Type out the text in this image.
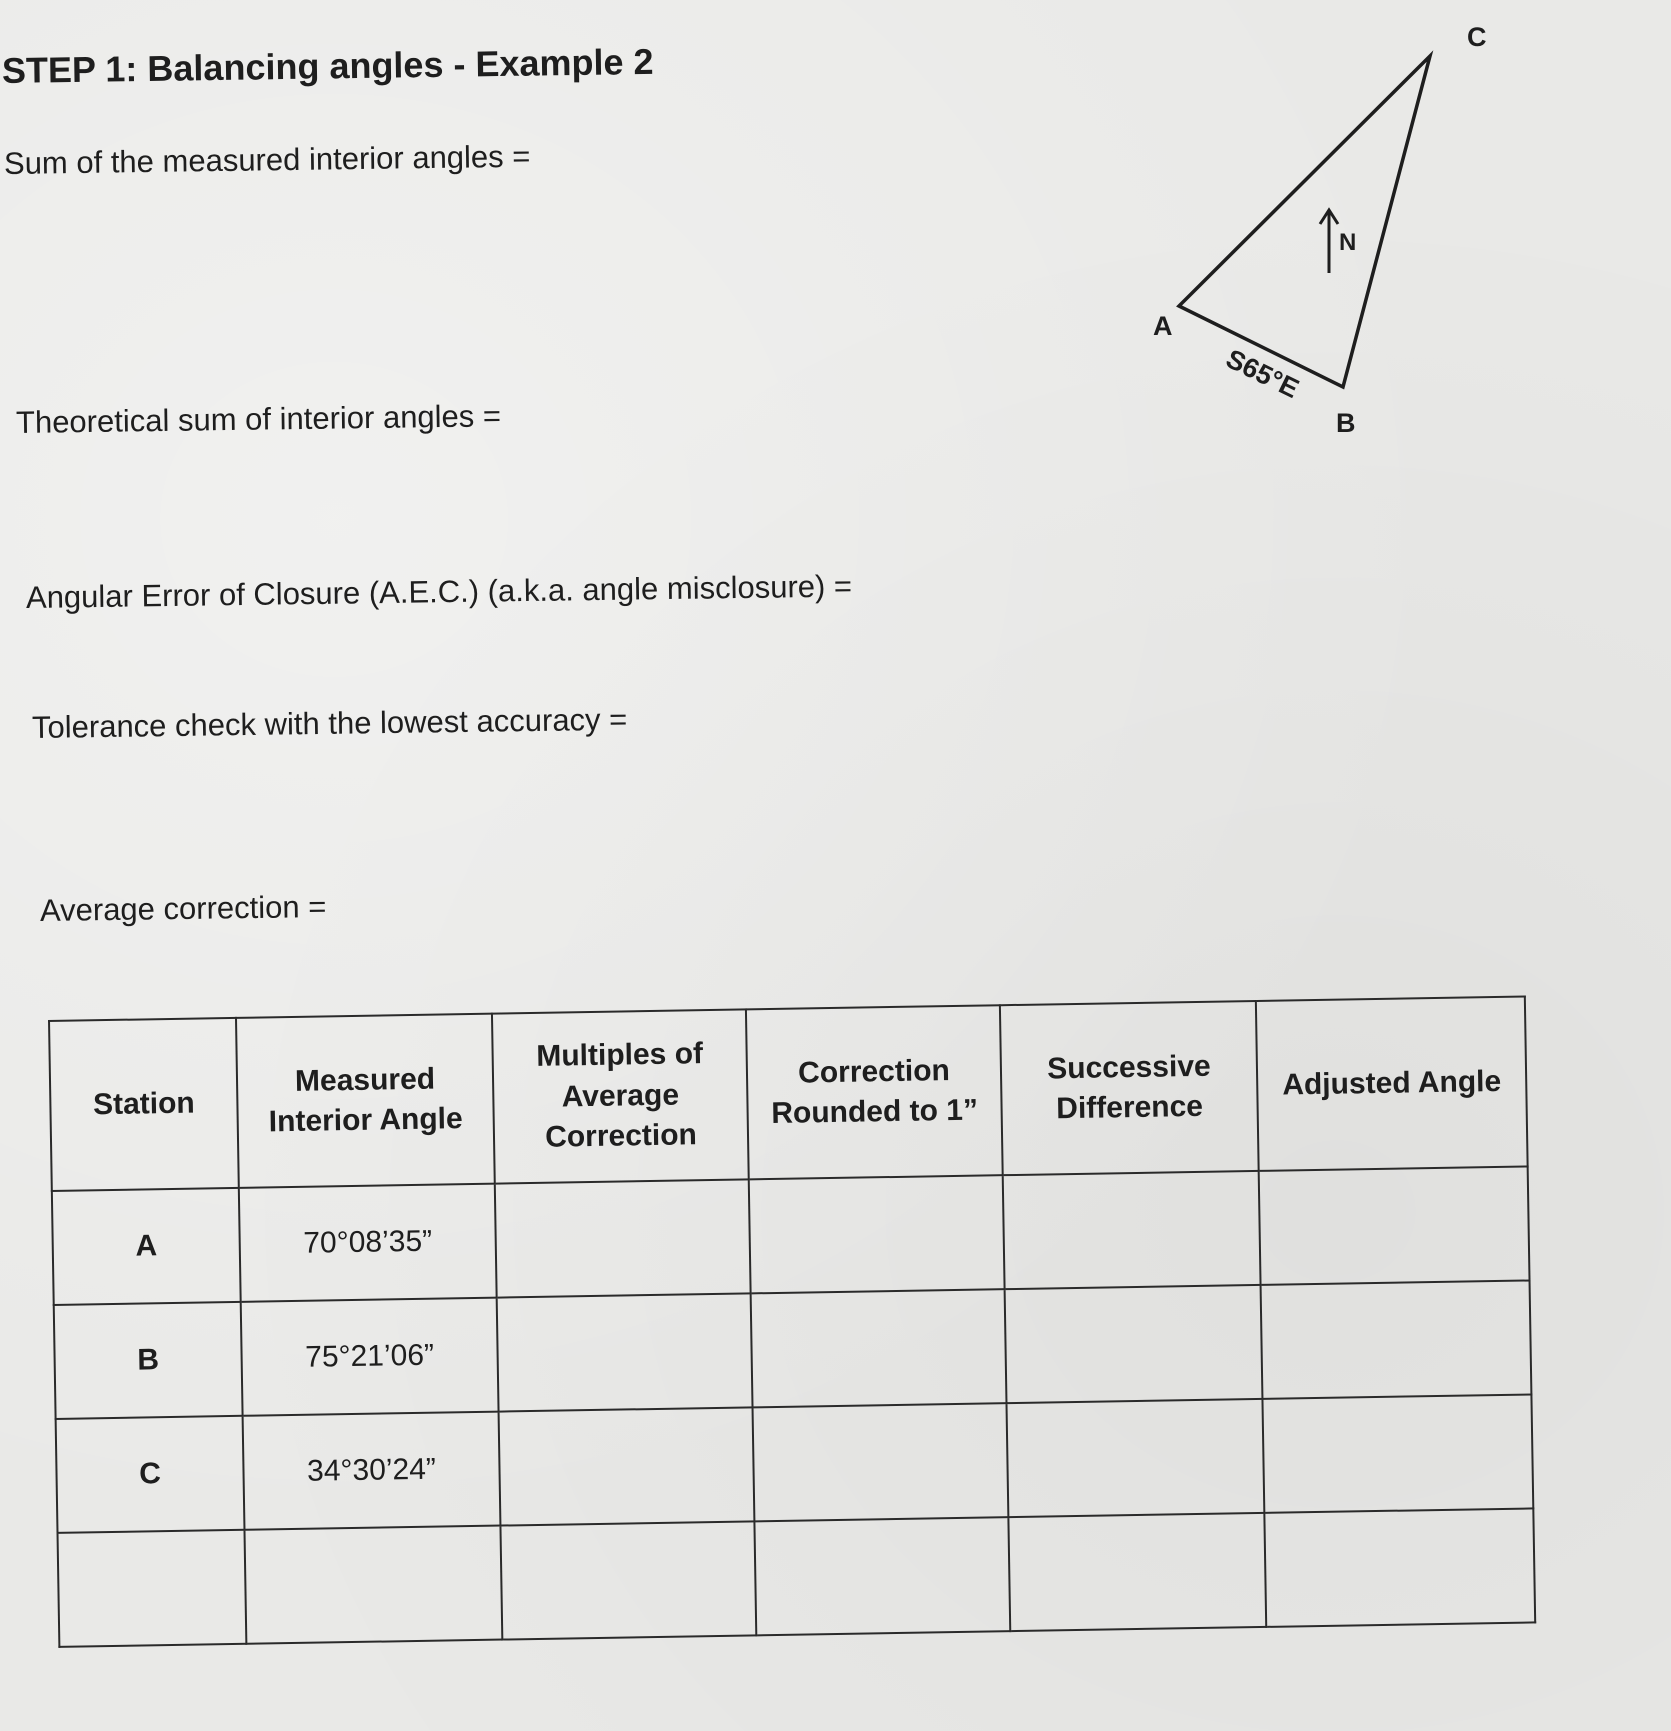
STEP 1: Balancing angles - Example 2

Sum of the measured interior angles =

Theoretical sum of interior angles =

Angular Error of Closure (A.E.C.) (a.k.a. angle misclosure) =

Tolerance check with the lowest accuracy =

Average correction =

A
B
C
S65°E
N
Station	Measured Interior Angle	Multiples of Average Correction	Correction Rounded to 1”	Successive Difference	Adjusted Angle
A	70°08’35”				
B	75°21’06”				
C	34°30’24”				
